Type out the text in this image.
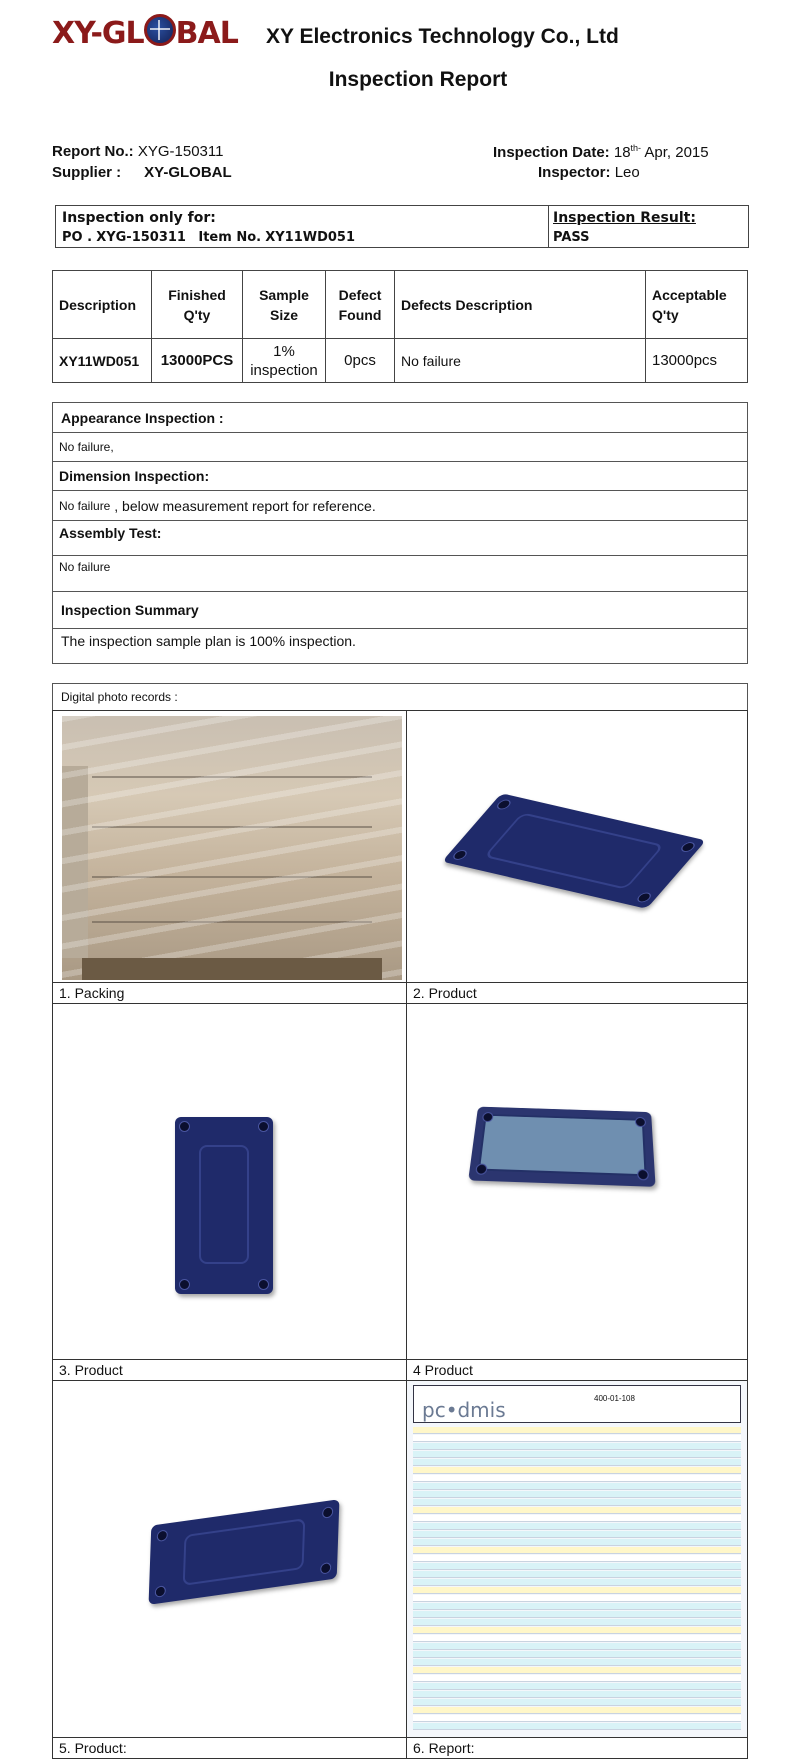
XY-GL BAL XY Electronics Technology Co., Ltd
Inspection Report
Report No.: XYG-150311
Supplier : XY-GLOBAL
Inspection Date: $18^{th-}$ Apr, 2015
Inspector: Leo
Inspection only for:
PO . XYG-150311 Item No. XY11WD051
Inspection Result:
PASS
Description	Finished Q'ty	Sample Size	Defect Found	Defects Description	Acceptable Q'ty
XY11WD051	13000PCS	1% inspection	0pcs	No failure	13000pcs
Appearance Inspection :
No failure,
Dimension Inspection:
No failure , below measurement report for reference.
Assembly Test:
No failure
Inspection Summary
The inspection sample plan is 100% inspection.
Digital photo records :
1. Packing	2. Product
3. Product	4 Product
pc•dmis	400-01-108
5. Product:	6. Report:
